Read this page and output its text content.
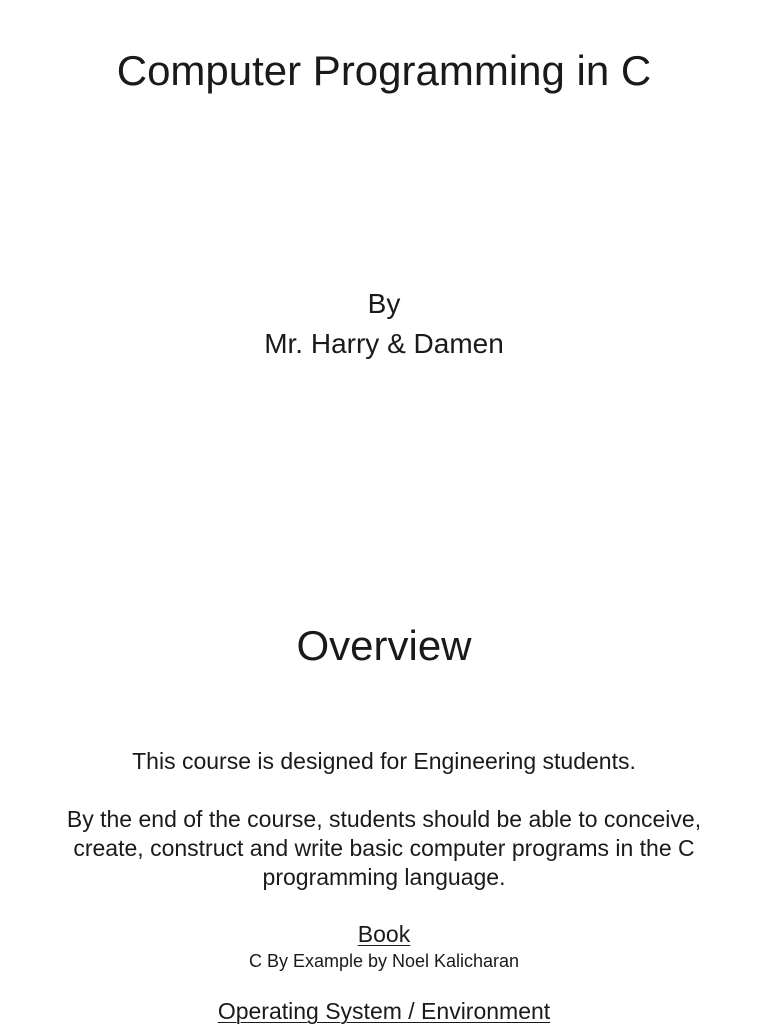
Computer Programming in C
By
Mr. Harry & Damen
Overview
This course is designed for Engineering students.
By the end of the course, students should be able to conceive,
create, construct and write basic computer programs in the C
programming language.
Book
C By Example by Noel Kalicharan
Operating System / Environment
